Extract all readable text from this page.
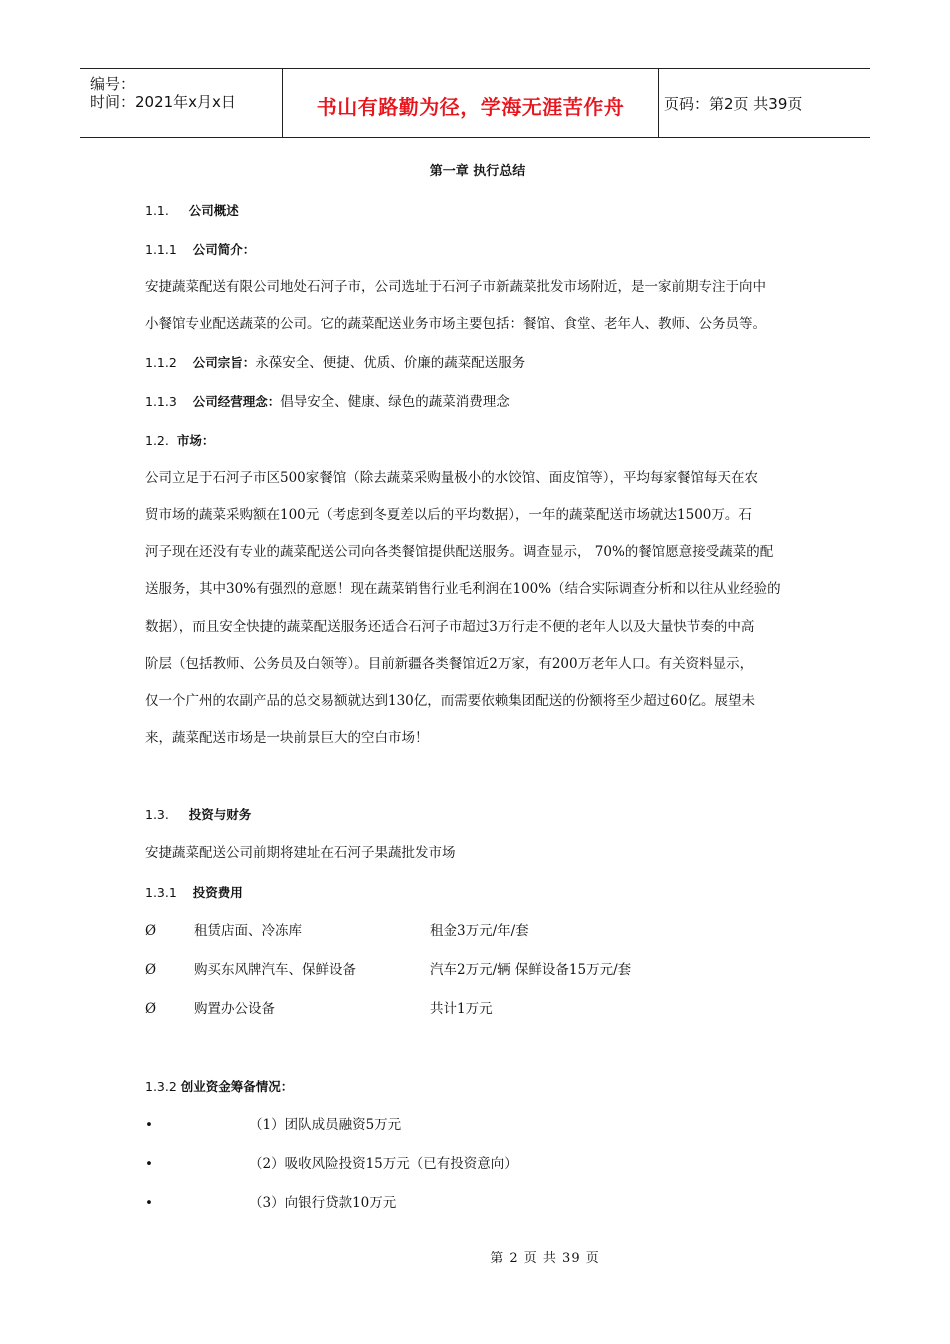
编号：
时间：2021年x月x日	书山有路勤为径，学海无涯苦作舟	页码：第2页 共39页
第一章 执行总结
1.1. 公司概述
1.1.1 公司简介：
安捷蔬菜配送有限公司地处石河子市，公司选址于石河子市新蔬菜批发市场附近，是一家前期专注于向中
小餐馆专业配送蔬菜的公司。它的蔬菜配送业务市场主要包括：餐馆、食堂、老年人、教师、公务员等。
1.1.2 公司宗旨：永葆安全、便捷、优质、价廉的蔬菜配送服务
1.1.3 公司经营理念：倡导安全、健康、绿色的蔬菜消费理念
1.2. 市场：
公司立足于石河子市区500家餐馆（除去蔬菜采购量极小的水饺馆、面皮馆等），平均每家餐馆每天在农
贸市场的蔬菜采购额在100元（考虑到冬夏差以后的平均数据），一年的蔬菜配送市场就达1500万。石
河子现在还没有专业的蔬菜配送公司向各类餐馆提供配送服务。调查显示， 70%的餐馆愿意接受蔬菜的配
送服务，其中30%有强烈的意愿！现在蔬菜销售行业毛利润在100%（结合实际调查分析和以往从业经验的
数据），而且安全快捷的蔬菜配送服务还适合石河子市超过3万行走不便的老年人以及大量快节奏的中高
阶层（包括教师、公务员及白领等）。目前新疆各类餐馆近2万家，有200万老年人口。有关资料显示，
仅一个广州的农副产品的总交易额就达到130亿，而需要依赖集团配送的份额将至少超过60亿。展望未
来，蔬菜配送市场是一块前景巨大的空白市场！
1.3. 投资与财务
安捷蔬菜配送公司前期将建址在石河子果蔬批发市场
1.3.1 投资费用
Ø	租赁店面、冷冻库	租金3万元/年/套
Ø	购买东风牌汽车、保鲜设备	汽车2万元/辆 保鲜设备15万元/套
Ø	购置办公设备	共计1万元
1.3.2 创业资金筹备情况：
•	（1）团队成员融资5万元
•	（2）吸收风险投资15万元（已有投资意向）
•	（3）向银行贷款10万元
第 2 页 共 39 页
